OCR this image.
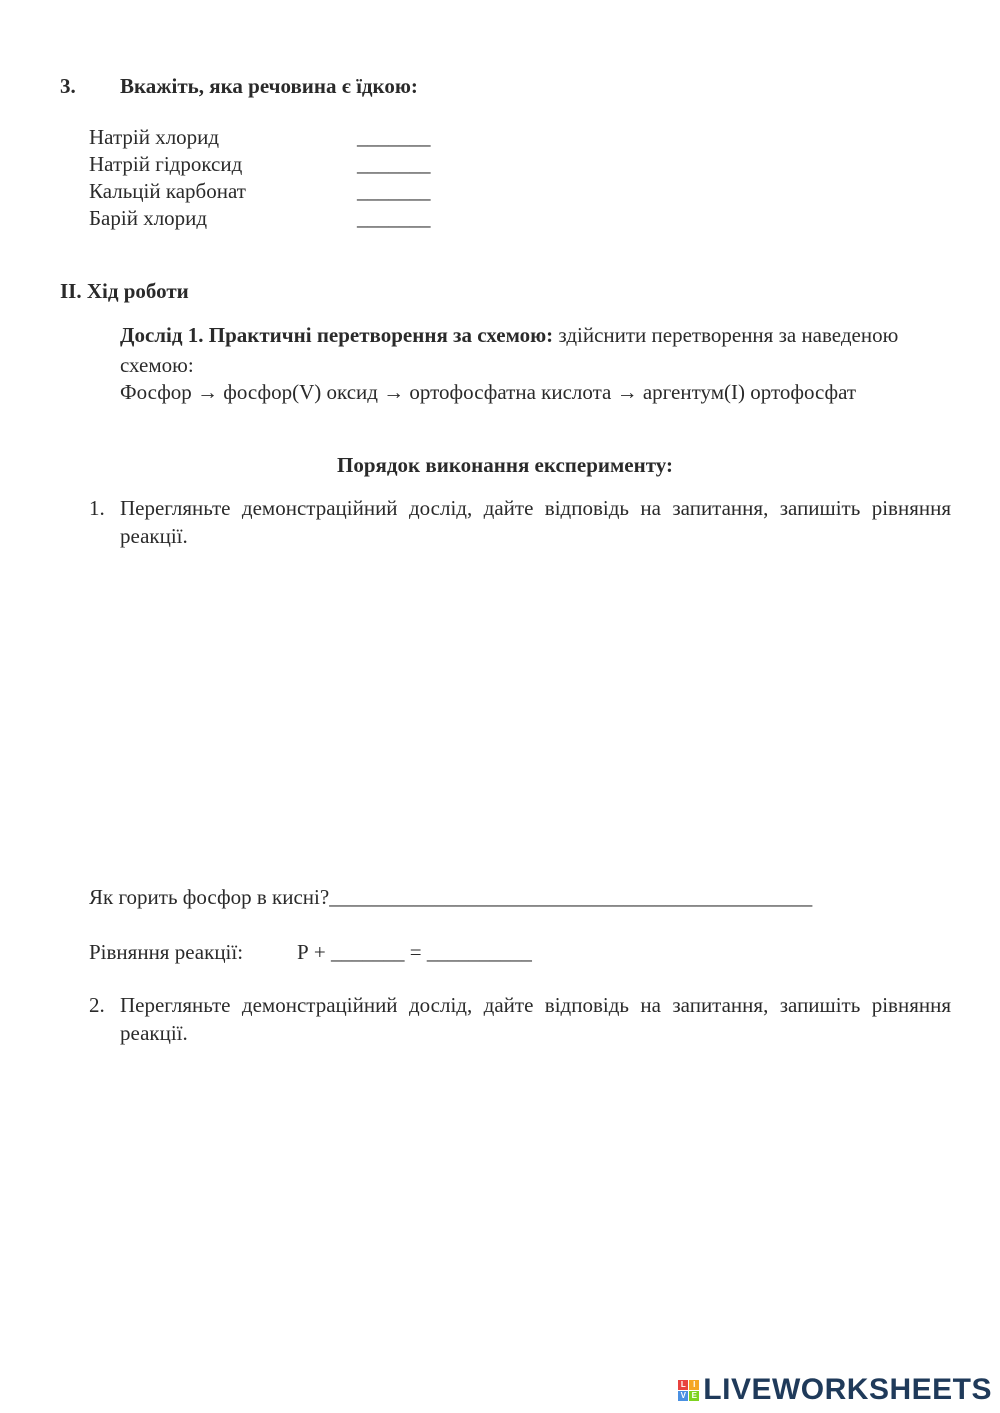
3. Вкажіть, яка речовина є їдкою:
Натрій хлорид	_______
Натрій гідроксид	_______
Кальцій карбонат	_______
Барій хлорид	_______
ІІ. Хід роботи
Дослід 1. Практичні перетворення за схемою: здійснити перетворення за наведеною схемою:
Фосфор → фосфор(V) оксид → ортофосфатна кислота → аргентум(І) ортофосфат
Порядок виконання експерименту:
1. Перегляньте демонстраційний дослід, дайте відповідь на запитання, запишіть рівняння реакції.
Як горить фосфор в кисні?______________________________________________
Рівняння реакції:	Р + _______ = __________
2. Перегляньте демонстраційний дослід, дайте відповідь на запитання, запишіть рівняння реакції.
L I
V E LIVEWORKSHEETS
